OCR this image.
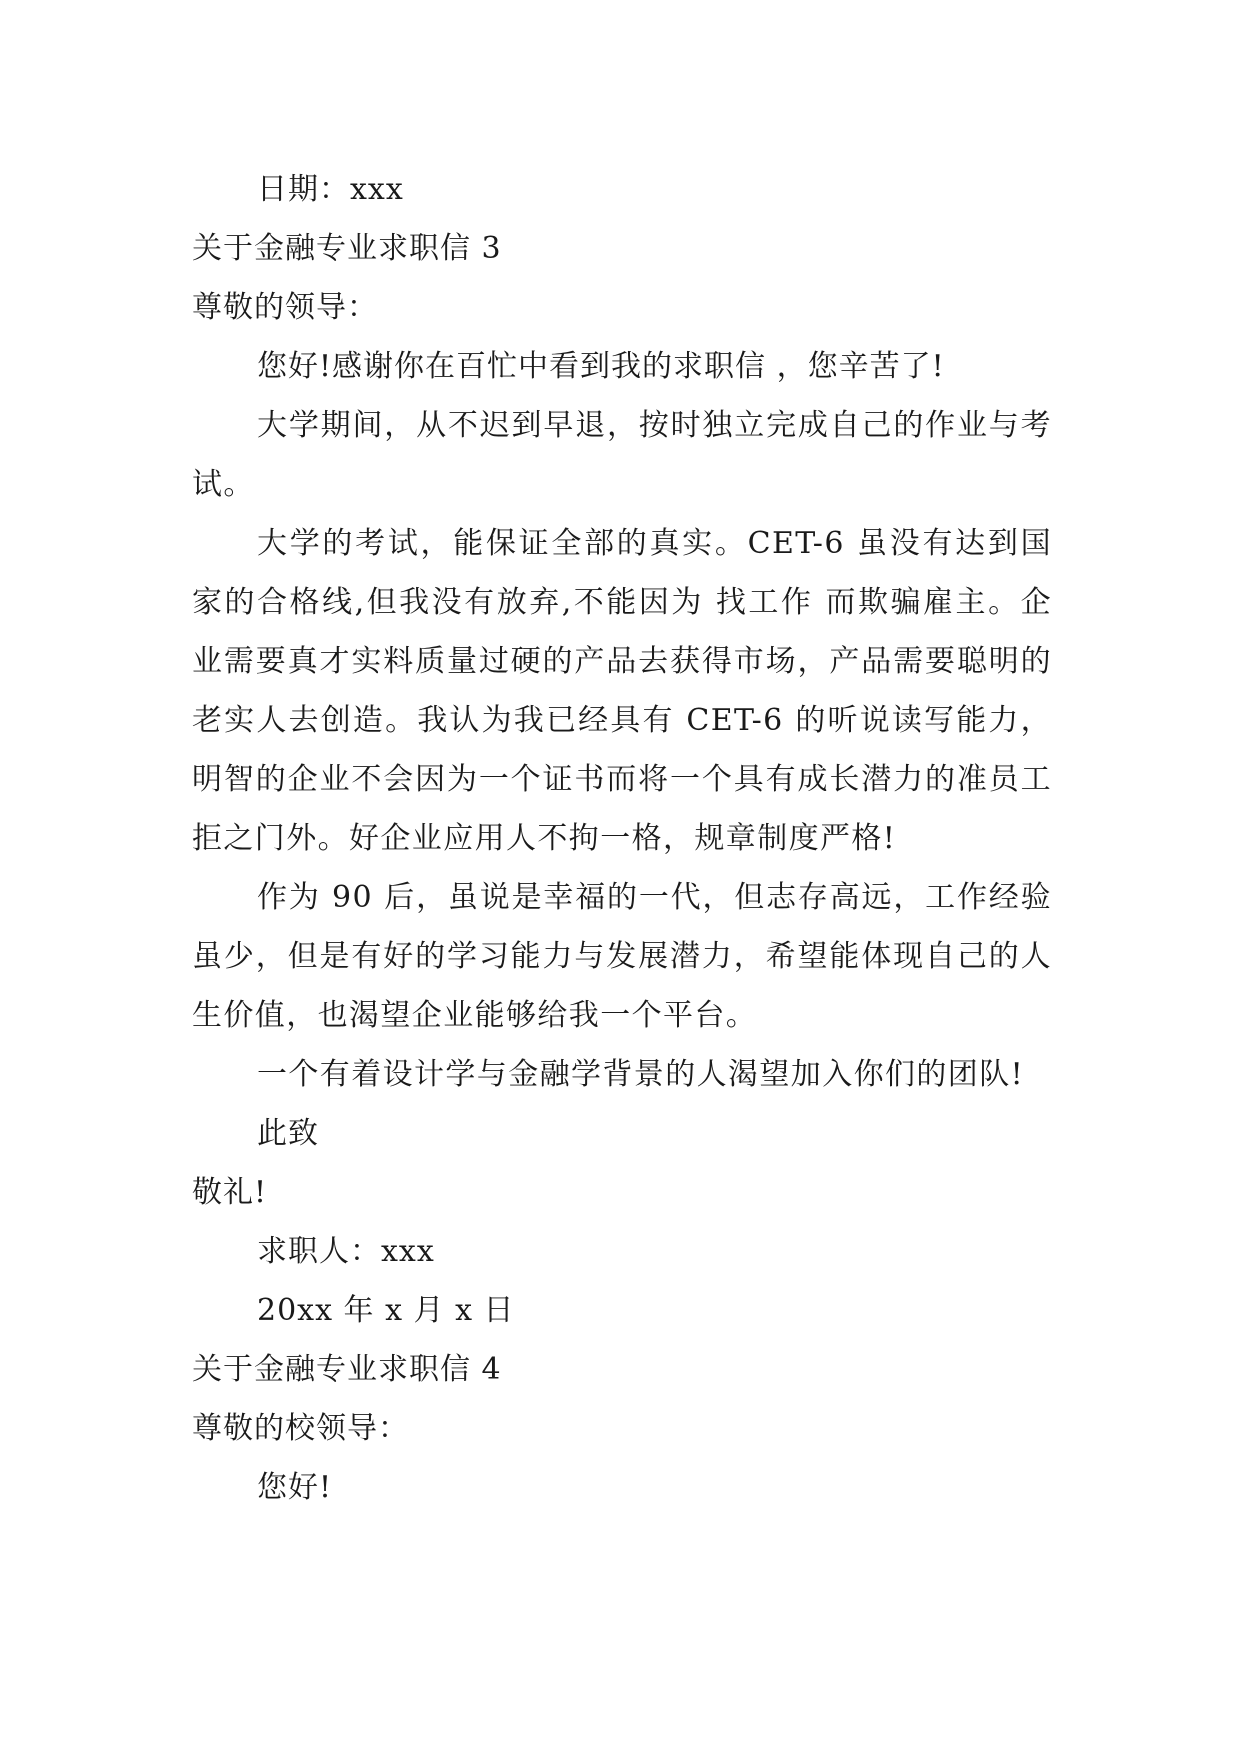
日期：xxx

关于金融专业求职信 3

尊敬的领导：

您好!感谢你在百忙中看到我的求职信 ，您辛苦了!

大学期间，从不迟到早退，按时独立完成自己的作业与考试。

大学的考试，能保证全部的真实。CET-6 虽没有达到国家的合格线,但我没有放弃,不能因为 找工作 而欺骗雇主。企业需要真才实料质量过硬的产品去获得市场，产品需要聪明的老实人去创造。我认为我已经具有 CET-6 的听说读写能力，明智的企业不会因为一个证书而将一个具有成长潜力的准员工拒之门外。好企业应用人不拘一格，规章制度严格!

作为 90 后，虽说是幸福的一代，但志存高远，工作经验虽少，但是有好的学习能力与发展潜力，希望能体现自己的人生价值，也渴望企业能够给我一个平台。

一个有着设计学与金融学背景的人渴望加入你们的团队!

此致

敬礼!

求职人：xxx

20xx 年 x 月 x 日

关于金融专业求职信 4

尊敬的校领导：

您好!
